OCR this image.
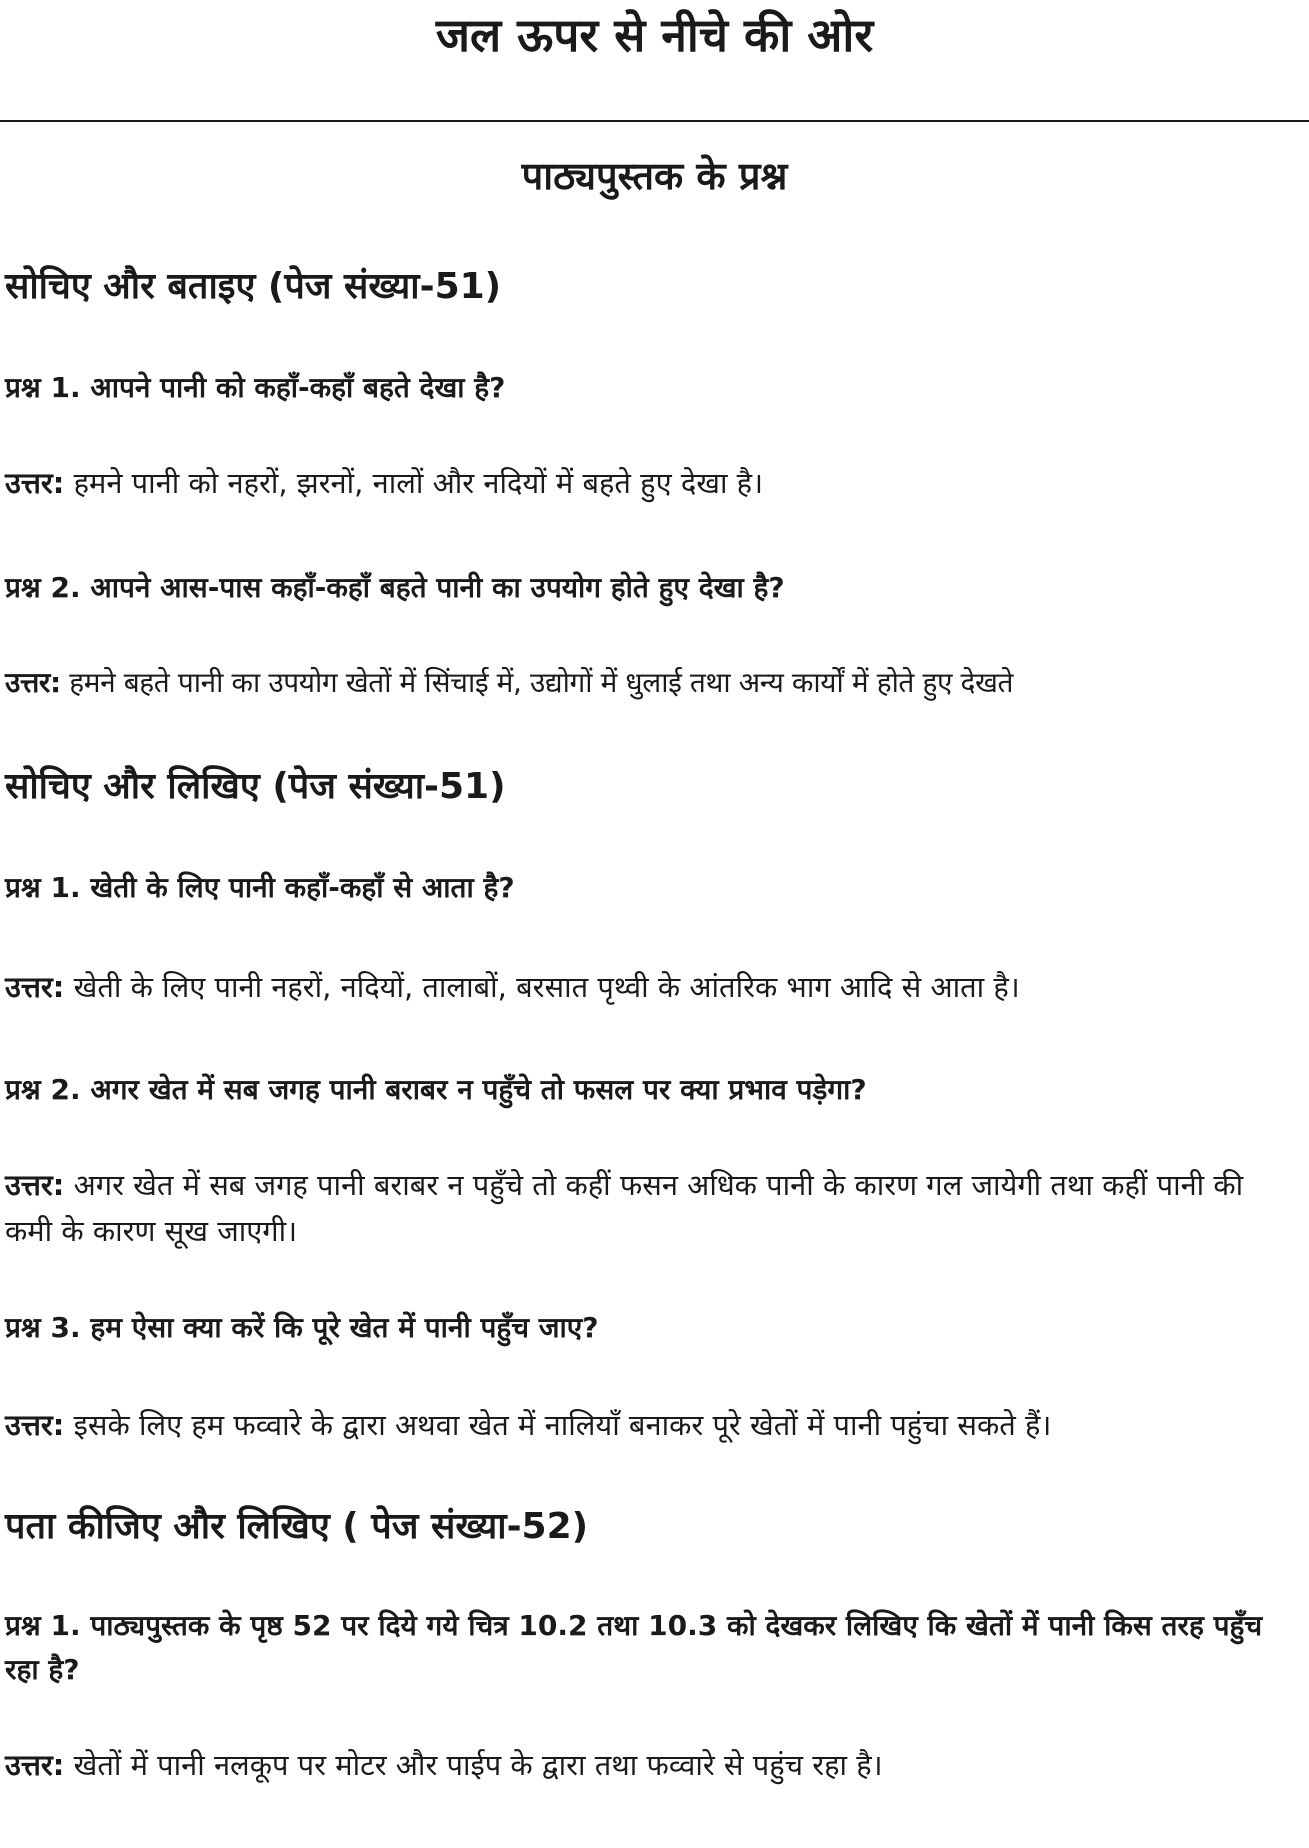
जल ऊपर से नीचे की ओर
पाठ्यपुस्तक के प्रश्न
सोचिए और बताइए (पेज संख्या-51)

प्रश्न 1. आपने पानी को कहाँ-कहाँ बहते देखा है?

उत्तर: हमने पानी को नहरों, झरनों, नालों और नदियों में बहते हुए देखा है।

प्रश्न 2. आपने आस-पास कहाँ-कहाँ बहते पानी का उपयोग होते हुए देखा है?

उत्तर: हमने बहते पानी का उपयोग खेतों में सिंचाई में, उद्योगों में धुलाई तथा अन्य कार्यों में होते हुए देखते

सोचिए और लिखिए (पेज संख्या-51)

प्रश्न 1. खेती के लिए पानी कहाँ-कहाँ से आता है?

उत्तर: खेती के लिए पानी नहरों, नदियों, तालाबों, बरसात पृथ्वी के आंतरिक भाग आदि से आता है।

प्रश्न 2. अगर खेत में सब जगह पानी बराबर न पहुँचे तो फसल पर क्या प्रभाव पड़ेगा?

उत्तर: अगर खेत में सब जगह पानी बराबर न पहुँचे तो कहीं फसन अधिक पानी के कारण गल जायेगी तथा कहीं पानी की कमी के कारण सूख जाएगी।

प्रश्न 3. हम ऐसा क्या करें कि पूरे खेत में पानी पहुँच जाए?

उत्तर: इसके लिए हम फव्वारे के द्वारा अथवा खेत में नालियाँ बनाकर पूरे खेतों में पानी पहुंचा सकते हैं।

पता कीजिए और लिखिए ( पेज संख्या-52)

प्रश्न 1. पाठ्यपुस्तक के पृष्ठ 52 पर दिये गये चित्र 10.2 तथा 10.3 को देखकर लिखिए कि खेतों में पानी किस तरह पहुँच रहा है?

उत्तर: खेतों में पानी नलकूप पर मोटर और पाईप के द्वारा तथा फव्वारे से पहुंच रहा है।
